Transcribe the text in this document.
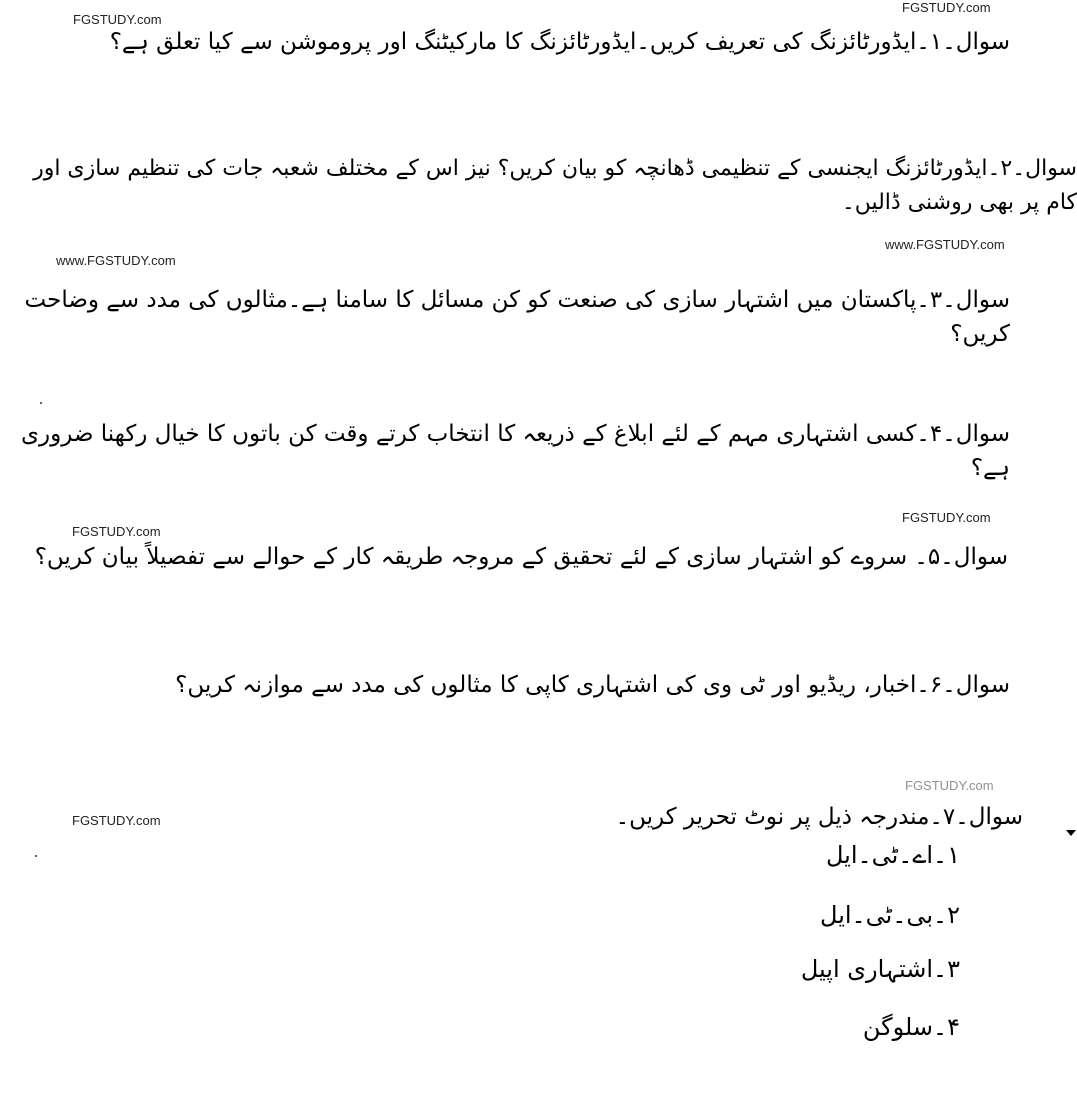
FGSTUDY.com
FGSTUDY.com
www.FGSTUDY.com
www.FGSTUDY.com
FGSTUDY.com
FGSTUDY.com
FGSTUDY.com
FGSTUDY.com
سوال۔۱۔ایڈورٹائزنگ کی تعریف کریں۔ایڈورٹائزنگ کا مارکیٹنگ اور پروموشن سے کیا تعلق ہے؟
سوال۔۲۔ایڈورٹائزنگ ایجنسی کے تنظیمی ڈھانچہ کو بیان کریں؟ نیز اس کے مختلف شعبہ جات کی تنظیم سازی اور کام پر بھی روشنی ڈالیں۔
سوال۔۳۔پاکستان میں اشتہار سازی کی صنعت کو کن مسائل کا سامنا ہے۔مثالوں کی مدد سے وضاحت کریں؟
سوال۔۴۔کسی اشتہاری مہم کے لئے ابلاغ کے ذریعہ کا انتخاب کرتے وقت کن باتوں کا خیال رکھنا ضروری ہے؟
سوال۔۵۔ سروے کو اشتہار سازی کے لئے تحقیق کے مروجہ طریقہ کار کے حوالے سے تفصیلاً بیان کریں؟
سوال۔۶۔اخبار، ریڈیو اور ٹی وی کی اشتہاری کاپی کا مثالوں کی مدد سے موازنہ کریں؟
سوال۔۷۔مندرجہ ذیل پر نوٹ تحریر کریں۔
۱۔اے۔ٹی۔ایل
۲۔بی۔ٹی۔ایل
۳۔اشتہاری اپیل
۴۔سلوگن
